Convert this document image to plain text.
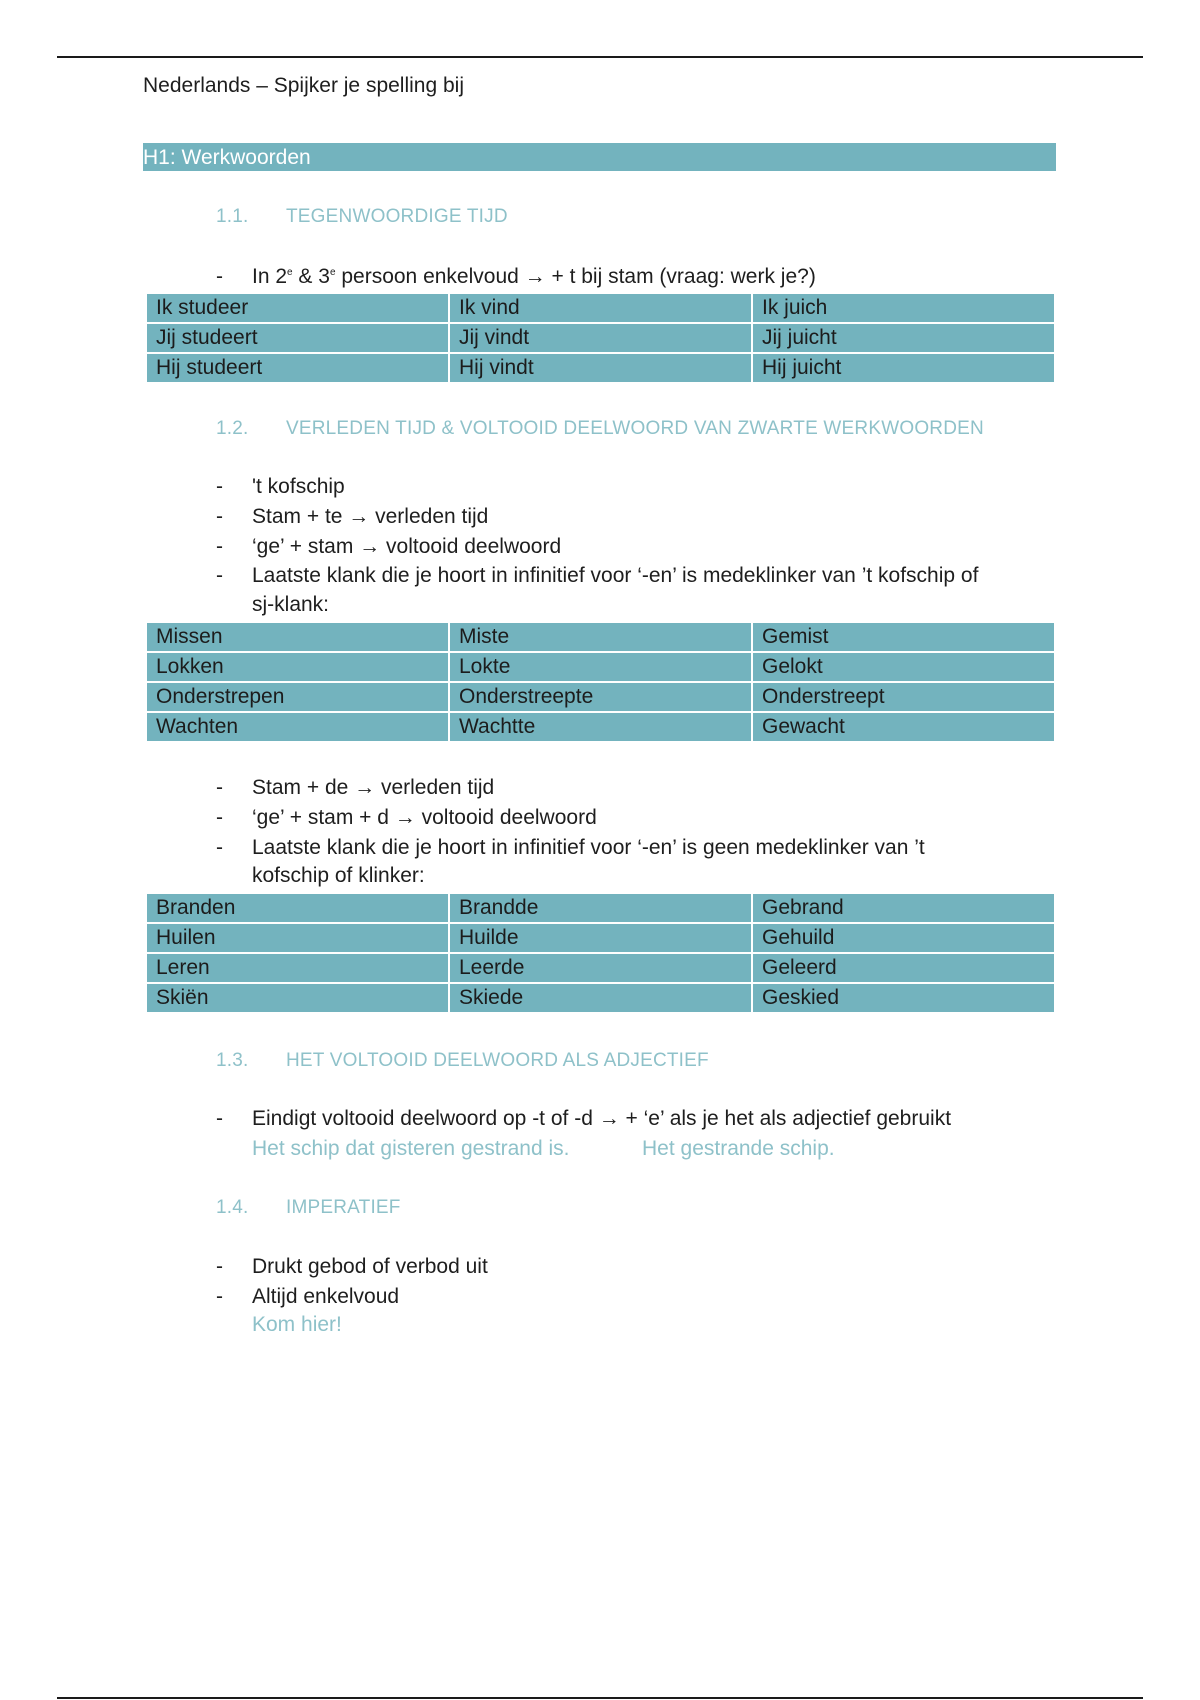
Nederlands – Spijker je spelling bij
H1: Werkwoorden
1.1. TEGENWOORDIGE TIJD
- In 2e & 3e persoon enkelvoud → + t bij stam (vraag: werk je?)
Ik studeer	Ik vind	Ik juich
Jij studeert	Jij vindt	Jij juicht
Hij studeert	Hij vindt	Hij juicht
1.2. VERLEDEN TIJD & VOLTOOID DEELWOORD VAN ZWARTE WERKWOORDEN
- 't kofschip
- Stam + te → verleden tijd
- ‘ge’ + stam → voltooid deelwoord
- Laatste klank die je hoort in infinitief voor ‘-en’ is medeklinker van ’t kofschip of
sj-klank:
Missen	Miste	Gemist
Lokken	Lokte	Gelokt
Onderstrepen	Onderstreepte	Onderstreept
Wachten	Wachtte	Gewacht
- Stam + de → verleden tijd
- ‘ge’ + stam + d → voltooid deelwoord
- Laatste klank die je hoort in infinitief voor ‘-en’ is geen medeklinker van ’t
kofschip of klinker:
Branden	Brandde	Gebrand
Huilen	Huilde	Gehuild
Leren	Leerde	Geleerd
Skiën	Skiede	Geskied
1.3. HET VOLTOOID DEELWOORD ALS ADJECTIEF
- Eindigt voltooid deelwoord op -t of -d → + ‘e’ als je het als adjectief gebruikt
Het schip dat gisteren gestrand is.	Het gestrande schip.
1.4. IMPERATIEF
- Drukt gebod of verbod uit
- Altijd enkelvoud
Kom hier!
